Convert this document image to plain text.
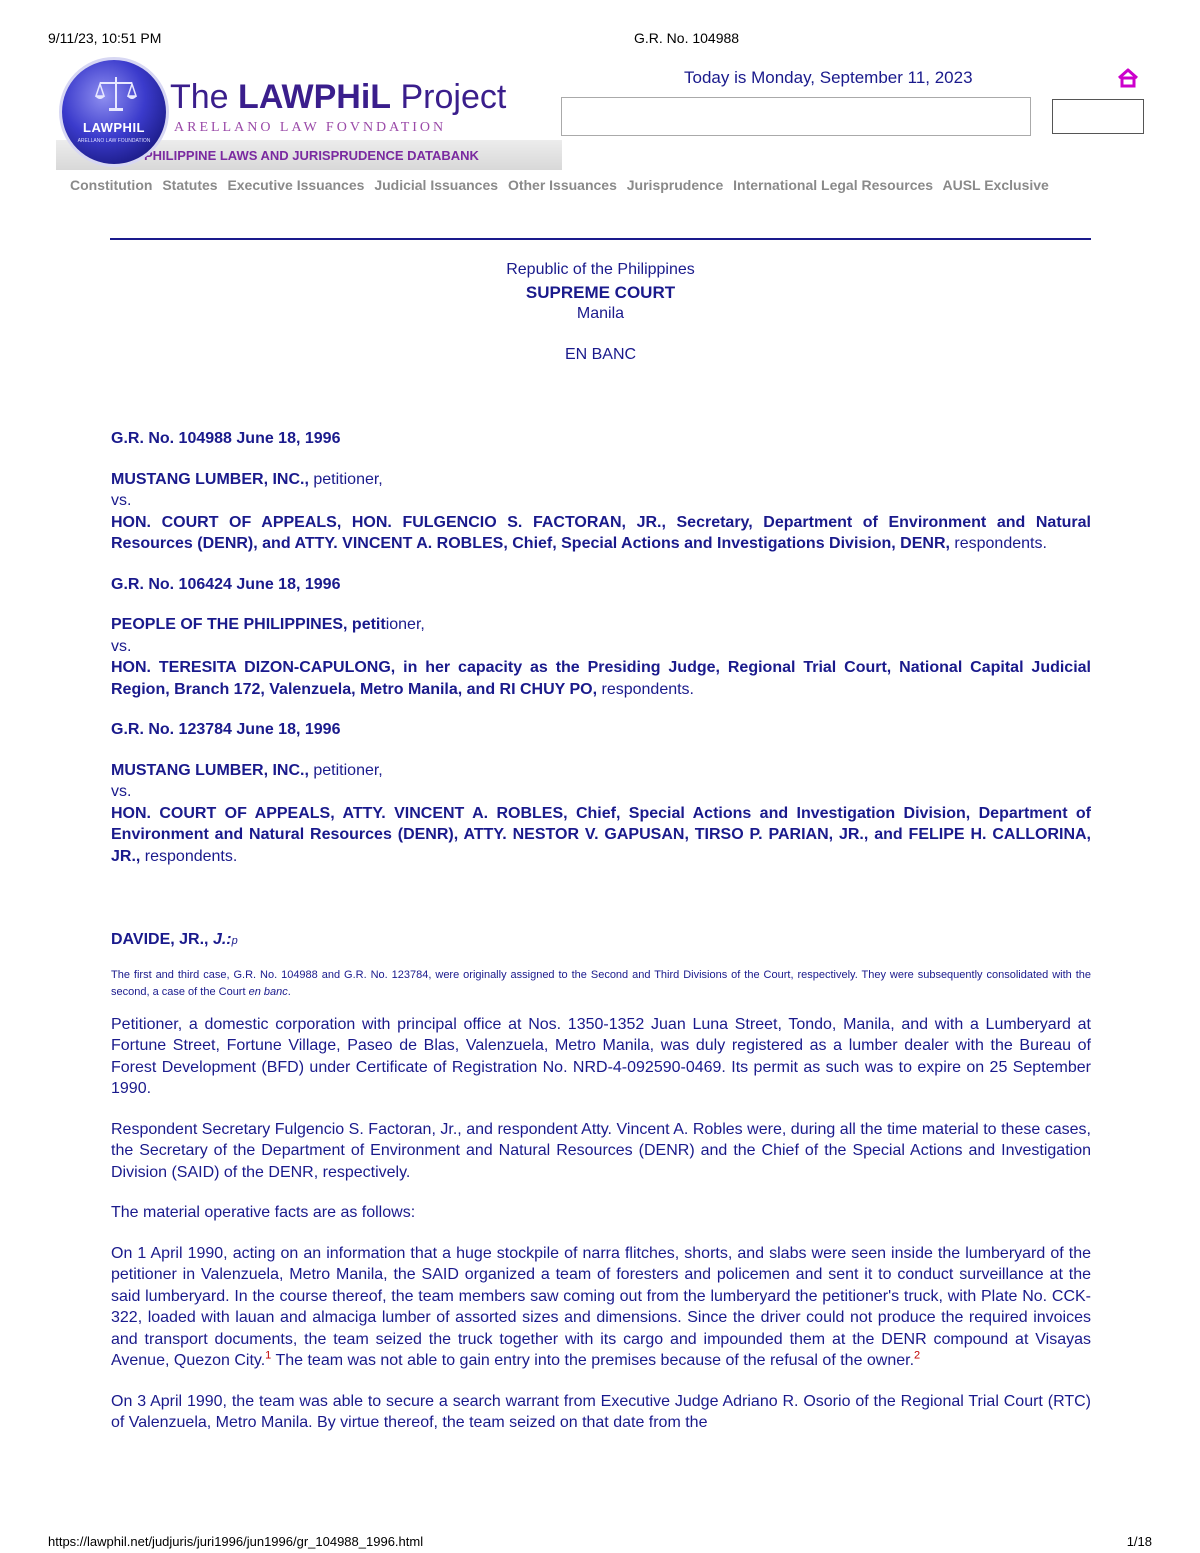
9/11/23, 10:51 PM	G.R. No. 104988
PHILIPPINE LAWS AND JURISPRUDENCE DATABANK
LAWPHIL
ARELLANO LAW FOUNDATION
The LAWPHiL Project
ARELLANO LAW FOVNDATION
Today is Monday, September 11, 2023
Constitution Statutes Executive Issuances Judicial Issuances Other Issuances Jurisprudence International Legal Resources AUSL Exclusive
Republic of the Philippines
SUPREME COURT
Manila
EN BANC

G.R. No. 104988 June 18, 1996

MUSTANG LUMBER, INC., petitioner,

vs.

HON. COURT OF APPEALS, HON. FULGENCIO S. FACTORAN, JR., Secretary, Department of Environment and Natural Resources (DENR), and ATTY. VINCENT A. ROBLES, Chief, Special Actions and Investigations Division, DENR, respondents.

G.R. No. 106424 June 18, 1996

PEOPLE OF THE PHILIPPINES, petitioner,

vs.

HON. TERESITA DIZON-CAPULONG, in her capacity as the Presiding Judge, Regional Trial Court, National Capital Judicial Region, Branch 172, Valenzuela, Metro Manila, and RI CHUY PO, respondents.

G.R. No. 123784 June 18, 1996

MUSTANG LUMBER, INC., petitioner,

vs.

HON. COURT OF APPEALS, ATTY. VINCENT A. ROBLES, Chief, Special Actions and Investigation Division, Department of Environment and Natural Resources (DENR), ATTY. NESTOR V. GAPUSAN, TIRSO P. PARIAN, JR., and FELIPE H. CALLORINA, JR., respondents.

DAVIDE, JR., J.:p

The first and third case, G.R. No. 104988 and G.R. No. 123784, were originally assigned to the Second and Third Divisions of the Court, respectively. They were subsequently consolidated with the second, a case of the Court en banc.

Petitioner, a domestic corporation with principal office at Nos. 1350-1352 Juan Luna Street, Tondo, Manila, and with a Lumberyard at Fortune Street, Fortune Village, Paseo de Blas, Valenzuela, Metro Manila, was duly registered as a lumber dealer with the Bureau of Forest Development (BFD) under Certificate of Registration No. NRD-4-092590-0469. Its permit as such was to expire on 25 September 1990.

Respondent Secretary Fulgencio S. Factoran, Jr., and respondent Atty. Vincent A. Robles were, during all the time material to these cases, the Secretary of the Department of Environment and Natural Resources (DENR) and the Chief of the Special Actions and Investigation Division (SAID) of the DENR, respectively.

The material operative facts are as follows:

On 1 April 1990, acting on an information that a huge stockpile of narra flitches, shorts, and slabs were seen inside the lumberyard of the petitioner in Valenzuela, Metro Manila, the SAID organized a team of foresters and policemen and sent it to conduct surveillance at the said lumberyard. In the course thereof, the team members saw coming out from the lumberyard the petitioner's truck, with Plate No. CCK-322, loaded with lauan and almaciga lumber of assorted sizes and dimensions. Since the driver could not produce the required invoices and transport documents, the team seized the truck together with its cargo and impounded them at the DENR compound at Visayas Avenue, Quezon City.$^1$ The team was not able to gain entry into the premises because of the refusal of the owner.$^2$

On 3 April 1990, the team was able to secure a search warrant from Executive Judge Adriano R. Osorio of the Regional Trial Court (RTC) of Valenzuela, Metro Manila. By virtue thereof, the team seized on that date from the

https://lawphil.net/judjuris/juri1996/jun1996/gr_104988_1996.html	1/18
